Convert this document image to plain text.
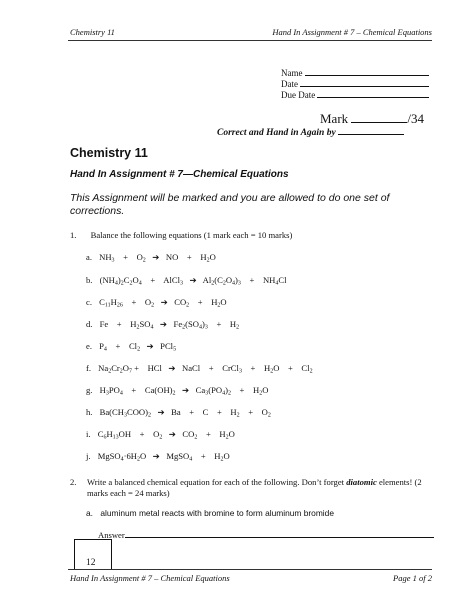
Chemistry 11	Hand In Assignment # 7 – Chemical Equations
Name
Date
Due Date
Mark	/34
Correct and Hand in Again by
Chemistry 11
Hand In Assignment # 7—Chemical Equations
This Assignment will be marked and you are allowed to do one set of corrections.
1. Balance the following equations (1 mark each = 10 marks)
a. $NH_3$    +    $O_2$ ➔   NO    +    $H_2O$
b. $(NH_4)_2C_2O_4$    +    AlCl$_3$ ➔   $Al_2(C_2O_4)_3$    +    $NH_4Cl$
c. $C_{11}H_{26}$    +    $O_2$ ➔   $CO_2$    +    $H_2O$
d. Fe    +    $H_2SO_4$ ➔   $Fe_2(SO_4)_3$    +    $H_2$
e. $P_4$    +    $Cl_2$ ➔   PCl$_5$
f. $Na_2Cr_2O_7$ +    HCl   ➔   NaCl    +    CrCl$_3$    +    $H_2O$    +    $Cl_2$
g. $H_3PO_4$    +    $Ca(OH)_2$ ➔   $Ca_3(PO_4)_2$    +    $H_2O$
h. $Ba(CH_3COO)_2$ ➔   Ba    +    C    +    $H_2$    +    $O_2$
i. $C_6H_{13}OH$    +    $O_2$ ➔   $CO_2$    +    $H_2O$
j. $MgSO_4\cdot 6H_2O$   ➔   MgSO$_4$    +    $H_2O$
2. Write a balanced chemical equation for each of the following. Don’t forget diatomic elements! (2 marks each = 24 marks)
a. aluminum metal reacts with bromine to form aluminum bromide
Answer
12
Hand In Assignment # 7 – Chemical Equations	Page 1 of 2
